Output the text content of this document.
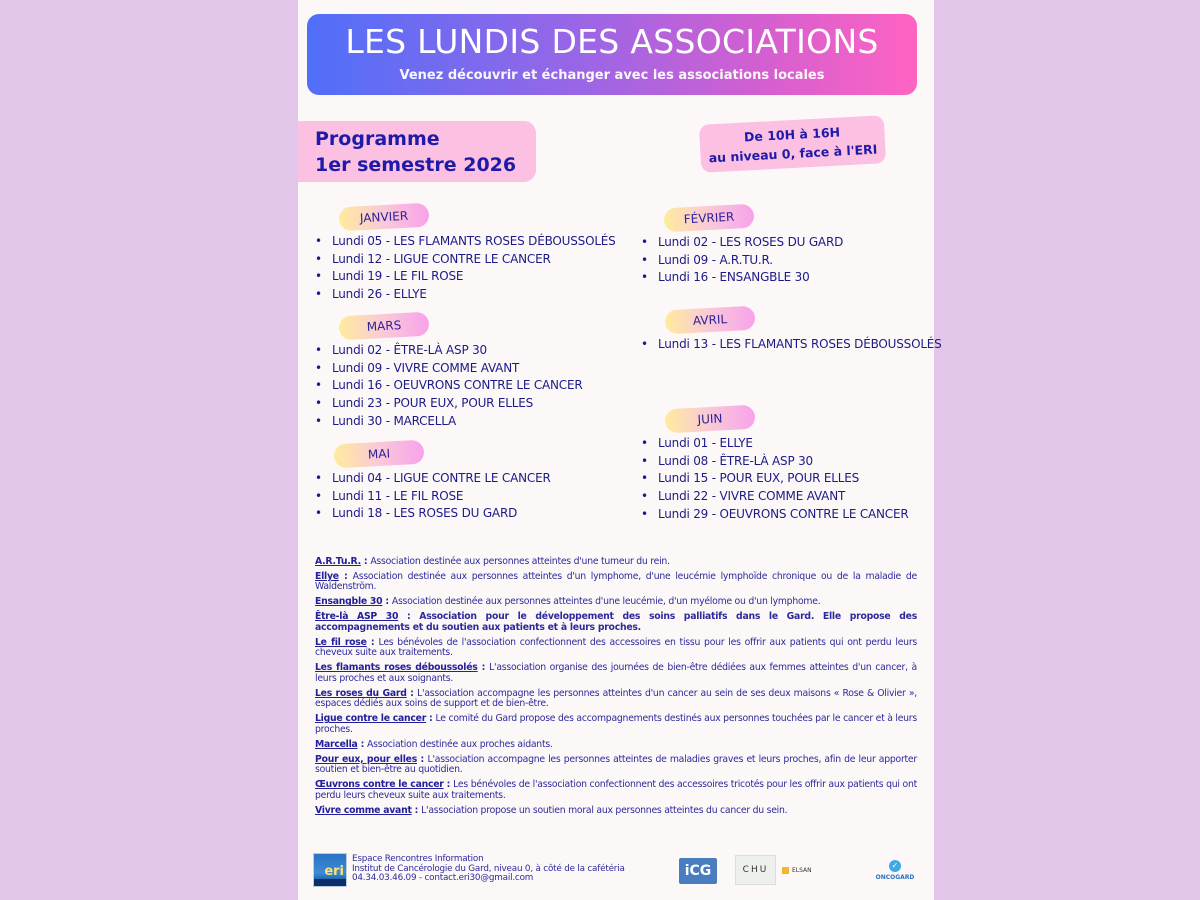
LES LUNDIS DES ASSOCIATIONS
Venez découvrir et échanger avec les associations locales
Programme
1er semestre 2026
De 10H à 16H
au niveau 0, face à l'ERI
JANVIER
• Lundi 05 - LES FLAMANTS ROSES DÉBOUSSOLÉS
• Lundi 12 - LIGUE CONTRE LE CANCER
• Lundi 19 - LE FIL ROSE
• Lundi 26 - ELLYE
FÉVRIER
• Lundi 02 - LES ROSES DU GARD
• Lundi 09 - A.R.TU.R.
• Lundi 16 - ENSANGBLE 30
MARS
• Lundi 02 - ÊTRE-LÀ ASP 30
• Lundi 09 - VIVRE COMME AVANT
• Lundi 16 - OEUVRONS CONTRE LE CANCER
• Lundi 23 - POUR EUX, POUR ELLES
• Lundi 30 - MARCELLA
AVRIL
• Lundi 13 - LES FLAMANTS ROSES DÉBOUSSOLÉS
MAI
• Lundi 04 - LIGUE CONTRE LE CANCER
• Lundi 11 - LE FIL ROSE
• Lundi 18 - LES ROSES DU GARD
JUIN
• Lundi 01 - ELLYE
• Lundi 08 - ÊTRE-LÀ ASP 30
• Lundi 15 - POUR EUX, POUR ELLES
• Lundi 22 - VIVRE COMME AVANT
• Lundi 29 - OEUVRONS CONTRE LE CANCER
A.R.Tu.R. : Association destinée aux personnes atteintes d'une tumeur du rein.
Ellye : Association destinée aux personnes atteintes d'un lymphome, d'une leucémie lymphoïde chronique ou de la maladie de Waldenström.
Ensangble 30 : Association destinée aux personnes atteintes d'une leucémie, d'un myélome ou d'un lymphome.
Être-là ASP 30 : Association pour le développement des soins palliatifs dans le Gard. Elle propose des accompagnements et du soutien aux patients et à leurs proches.
Le fil rose : Les bénévoles de l'association confectionnent des accessoires en tissu pour les offrir aux patients qui ont perdu leurs cheveux suite aux traitements.
Les flamants roses déboussolés : L'association organise des journées de bien-être dédiées aux femmes atteintes d'un cancer, à leurs proches et aux soignants.
Les roses du Gard : L'association accompagne les personnes atteintes d'un cancer au sein de ses deux maisons « Rose & Olivier », espaces dédiés aux soins de support et de bien-être.
Ligue contre le cancer : Le comité du Gard propose des accompagnements destinés aux personnes touchées par le cancer et à leurs proches.
Marcella : Association destinée aux proches aidants.
Pour eux, pour elles : L'association accompagne les personnes atteintes de maladies graves et leurs proches, afin de leur apporter soutien et bien-être au quotidien.
Œuvrons contre le cancer : Les bénévoles de l'association confectionnent des accessoires tricotés pour les offrir aux patients qui ont perdu leurs cheveux suite aux traitements.
Vivre comme avant : L'association propose un soutien moral aux personnes atteintes du cancer du sein.
eri
Espace Rencontres Information
Institut de Cancérologie du Gard, niveau 0, à côté de la cafétéria
04.34.03.46.09 - contact.eri30@gmail.com	iCG	CHU	ELSAN
✓
ONCOGARD
